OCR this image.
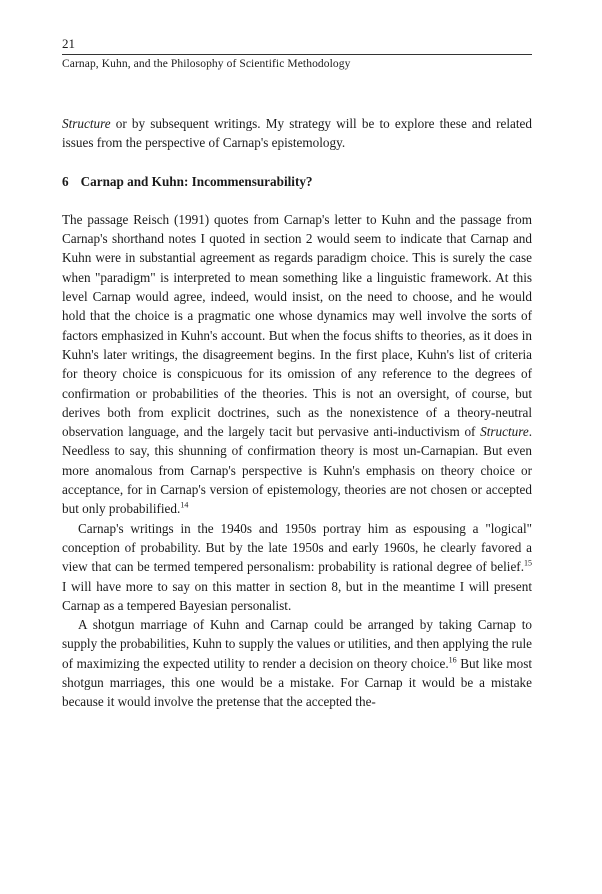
21
Carnap, Kuhn, and the Philosophy of Scientific Methodology

Structure or by subsequent writings. My strategy will be to explore these and related issues from the perspective of Carnap's epistemology.

6 Carnap and Kuhn: Incommensurability?

The passage Reisch (1991) quotes from Carnap's letter to Kuhn and the passage from Carnap's shorthand notes I quoted in section 2 would seem to indicate that Carnap and Kuhn were in substantial agreement as regards paradigm choice. This is surely the case when "paradigm" is interpreted to mean something like a linguistic framework. At this level Carnap would agree, indeed, would insist, on the need to choose, and he would hold that the choice is a pragmatic one whose dynamics may well involve the sorts of factors emphasized in Kuhn's account. But when the focus shifts to theories, as it does in Kuhn's later writings, the disagreement begins. In the first place, Kuhn's list of criteria for theory choice is conspicuous for its omission of any reference to the degrees of confirmation or probabilities of the theories. This is not an oversight, of course, but derives both from explicit doctrines, such as the nonexistence of a theory-neutral observation language, and the largely tacit but pervasive anti-inductivism of Structure. Needless to say, this shunning of confirmation theory is most un-Carnapian. But even more anomalous from Carnap's perspective is Kuhn's emphasis on theory choice or acceptance, for in Carnap's version of epistemology, theories are not chosen or accepted but only probabilified.$^{14}$

Carnap's writings in the 1940s and 1950s portray him as espousing a "logical" conception of probability. But by the late 1950s and early 1960s, he clearly favored a view that can be termed tempered personalism: probability is rational degree of belief.$^{15}$ I will have more to say on this matter in section 8, but in the meantime I will present Carnap as a tempered Bayesian personalist.

A shotgun marriage of Kuhn and Carnap could be arranged by taking Carnap to supply the probabilities, Kuhn to supply the values or utilities, and then applying the rule of maximizing the expected utility to render a decision on theory choice.$^{16}$ But like most shotgun marriages, this one would be a mistake. For Carnap it would be a mistake because it would involve the pretense that the accepted the-
